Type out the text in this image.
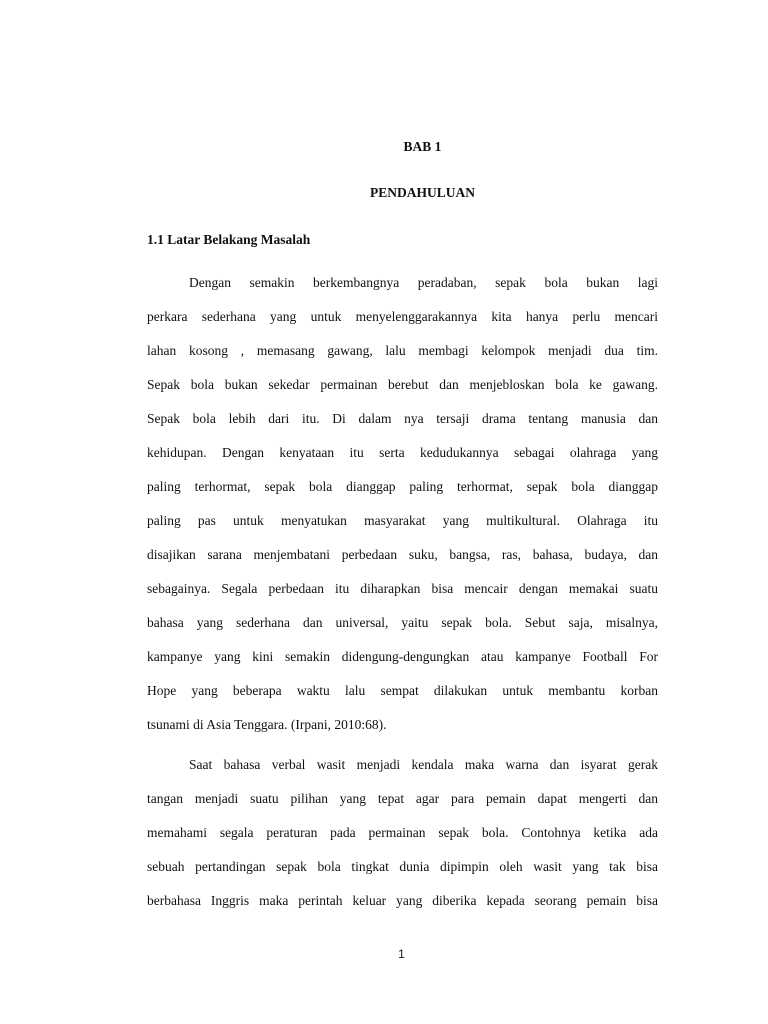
BAB 1

PENDAHULUAN

1.1 Latar Belakang Masalah

Dengan semakin berkembangnya peradaban, sepak bola bukan lagi
perkara sederhana yang untuk menyelenggarakannya kita hanya perlu mencari
lahan kosong , memasang gawang, lalu membagi kelompok menjadi dua tim.
Sepak bola bukan sekedar permainan berebut dan menjebloskan bola ke gawang.
Sepak bola lebih dari itu. Di dalam nya tersaji drama tentang manusia dan
kehidupan. Dengan kenyataan itu serta kedudukannya sebagai olahraga yang
paling terhormat, sepak bola dianggap paling terhormat, sepak bola dianggap
paling pas untuk menyatukan masyarakat yang multikultural. Olahraga itu
disajikan sarana menjembatani perbedaan suku, bangsa, ras, bahasa, budaya, dan
sebagainya. Segala perbedaan itu diharapkan bisa mencair dengan memakai suatu
bahasa yang sederhana dan universal, yaitu sepak bola. Sebut saja, misalnya,
kampanye yang kini semakin didengung-dengungkan atau kampanye Football For
Hope yang beberapa waktu lalu sempat dilakukan untuk membantu korban
tsunami di Asia Tenggara. (Irpani, 2010:68).
Saat bahasa verbal wasit menjadi kendala maka warna dan isyarat gerak
tangan menjadi suatu pilihan yang tepat agar para pemain dapat mengerti dan
memahami segala peraturan pada permainan sepak bola. Contohnya ketika ada
sebuah pertandingan sepak bola tingkat dunia dipimpin oleh wasit yang tak bisa
berbahasa Inggris maka perintah keluar yang diberika kepada seorang pemain bisa

1
